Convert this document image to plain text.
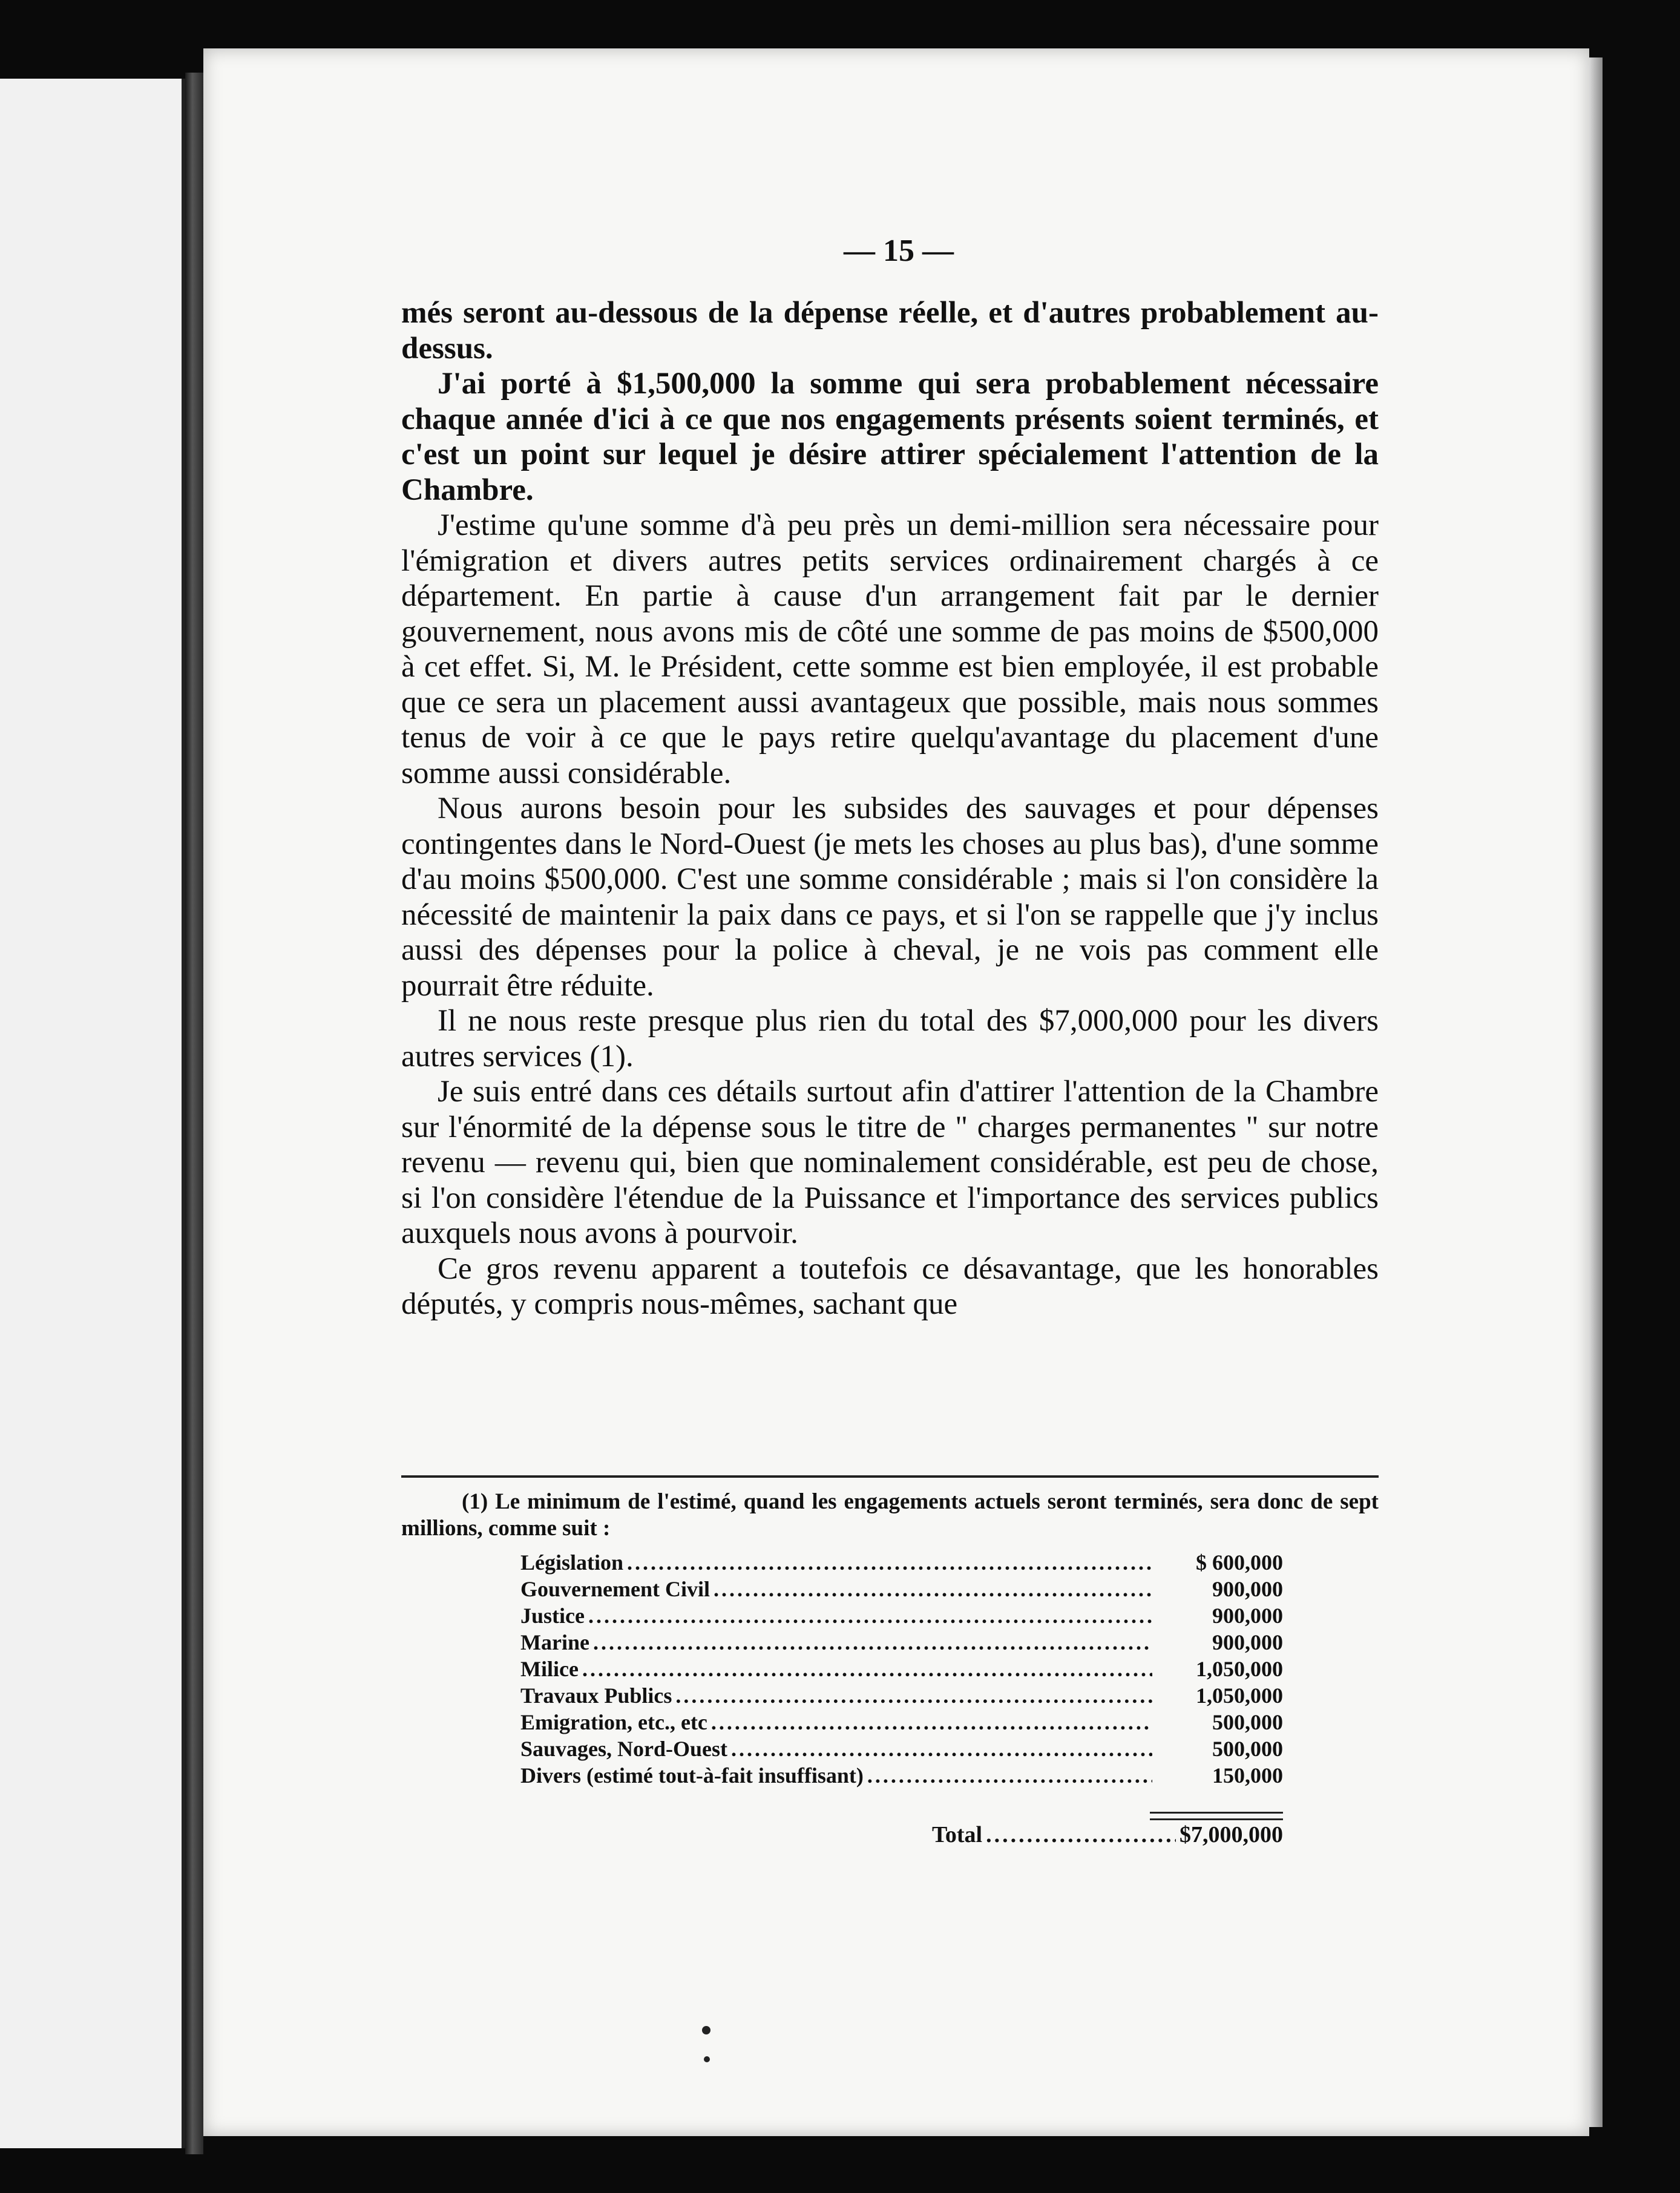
— 15 —

més seront au-dessous de la dépense réelle, et d'autres probablement au-dessus.

J'ai porté à $1,500,000 la somme qui sera probablement nécessaire chaque année d'ici à ce que nos engagements présents soient terminés, et c'est un point sur lequel je désire attirer spécialement l'attention de la Chambre.

J'estime qu'une somme d'à peu près un demi-million sera nécessaire pour l'émigration et divers autres petits services ordinairement chargés à ce département. En partie à cause d'un arrangement fait par le dernier gouvernement, nous avons mis de côté une somme de pas moins de $500,000 à cet effet. Si, M. le Président, cette somme est bien employée, il est probable que ce sera un placement aussi avantageux que possible, mais nous sommes tenus de voir à ce que le pays retire quelqu'avantage du placement d'une somme aussi considérable.

Nous aurons besoin pour les subsides des sauvages et pour dépenses contingentes dans le Nord-Ouest (je mets les choses au plus bas), d'une somme d'au moins $500,000. C'est une somme considérable ; mais si l'on considère la nécessité de maintenir la paix dans ce pays, et si l'on se rappelle que j'y inclus aussi des dépenses pour la police à cheval, je ne vois pas comment elle pourrait être réduite.

Il ne nous reste presque plus rien du total des $7,000,000 pour les divers autres services (1).

Je suis entré dans ces détails surtout afin d'attirer l'attention de la Chambre sur l'énormité de la dépense sous le titre de " charges permanentes " sur notre revenu — revenu qui, bien que nominalement considérable, est peu de chose, si l'on considère l'étendue de la Puissance et l'importance des services publics auxquels nous avons à pourvoir.

Ce gros revenu apparent a toutefois ce désavantage, que les honorables députés, y compris nous-mêmes, sachant que

(1) Le minimum de l'estimé, quand les engagements actuels seront terminés, sera donc de sept millions, comme suit :
Législation .....	$ 600,000
Gouvernement Civil .....	900,000
Justice .....	900,000
Marine .....	900,000
Milice .....	1,050,000
Travaux Publics .....	1,050,000
Emigration, etc., etc .....	500,000
Sauvages, Nord-Ouest .....	500,000
Divers (estimé tout-à-fait insuffisant) .....	150,000
Total .....	$7,000,000
